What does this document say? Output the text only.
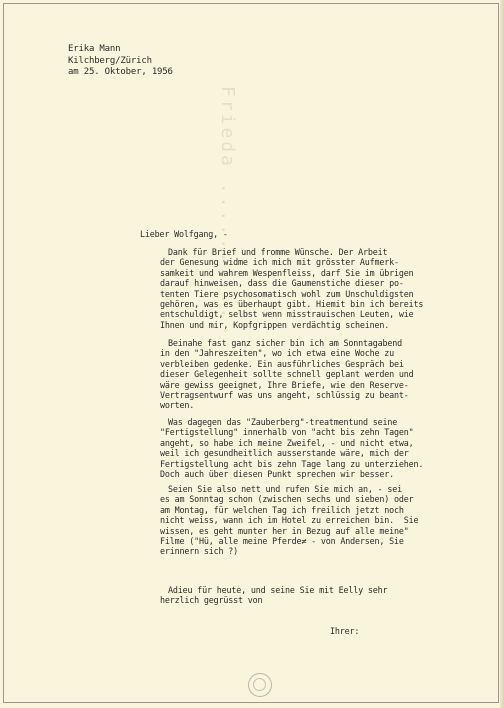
Frieda ..........
Erika Mann
Kilchberg/Zürich
am 25. Oktober, 1956
Lieber Wolfgang, -
Dank für Brief und fromme Wünsche. Der Arbeit
der Genesung widme ich mich mit grösster Aufmerk-
samkeit und wahrem Wespenfleiss, darf Sie im übrigen
darauf hinweisen, dass die Gaumenstiche dieser po-
tenten Tiere psychosomatisch wohl zum Unschuldigsten
gehören, was es überhaupt gibt. Hiemit bin ich bereits
entschuldigt, selbst wenn misstrauischen Leuten, wie
Ihnen und mir, Kopfgrippen verdächtig scheinen.
Beinahe fast ganz sicher bin ich am Sonntagabend
in den "Jahreszeiten", wo ich etwa eine Woche zu
verbleiben gedenke. Ein ausführliches Gespräch bei
dieser Gelegenheit sollte schnell geplant werden und
wäre gewiss geeignet, Ihre Briefe, wie den Reserve-
Vertragsentwurf was uns angeht, schlüssig zu beant-
worten.
Was dagegen das "Zauberberg"-treatmentund seine
"Fertigstellung" innerhalb von "acht bis zehn Tagen"
angeht, so habe ich meine Zweifel, - und nicht etwa,
weil ich gesundheitlich ausserstande wäre, mich der
Fertigstellung acht bis zehn Tage lang zu unterziehen.
Doch auch über diesen Punkt sprechen wir besser.
Seien Sie also nett und rufen Sie mich an, - sei
es am Sonntag schon (zwischen sechs und sieben) oder
am Montag, für welchen Tag ich freilich jetzt noch
nicht weiss, wann ich im Hotel zu erreichen bin.  Sie
wissen, es geht munter her in Bezug auf alle meine"
Filme ("Hü, alle meine Pferde≠ - von Andersen, Sie
erinnern sich ?)
Adieu für heute, und seine Sie mit Eelly sehr
herzlich gegrüsst von
Ihrer:
